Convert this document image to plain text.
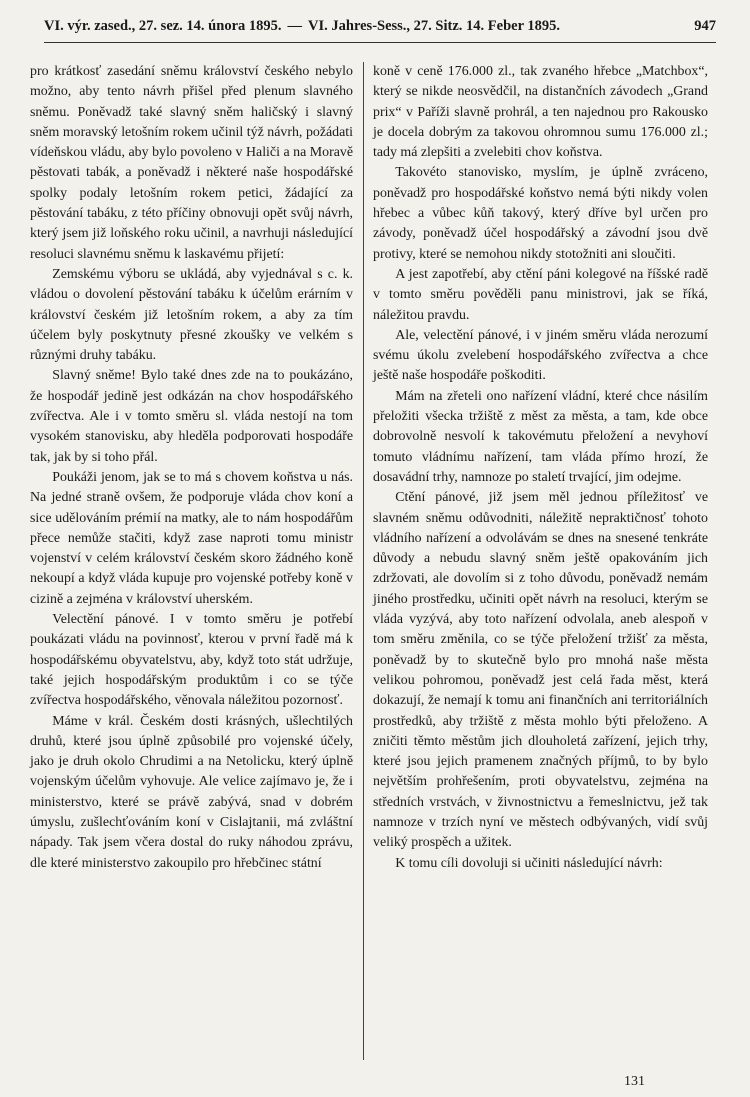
VI. výr. zased., 27. sez. 14. února 1895. — VI. Jahres-Sess., 27. Sitz. 14. Feber 1895.	947

pro krátkosť zasedání sněmu království českého nebylo možno, aby tento návrh přišel před plenum slavného sněmu. Poněvadž také slavný sněm haličský i slavný sněm moravský letošním rokem učinil týž návrh, požádati vídeňskou vládu, aby bylo povoleno v Haliči a na Moravě pěstovati tabák, a poněvadž i některé naše hospodářské spolky podaly letošním rokem petici, žádající za pěstování tabáku, z této příčiny obnovuji opět svůj návrh, který jsem již loňského roku učinil, a navrhuji následující resoluci slavnému sněmu k laskavému přijetí:

Zemskému výboru se ukládá, aby vyjednával s c. k. vládou o dovolení pěstování tabáku k účelům erárním v království českém již letošním rokem, a aby za tím účelem byly poskytnuty přesné zkoušky ve velkém s různými druhy tabáku.

Slavný sněme! Bylo také dnes zde na to poukázáno, že hospodář jedině jest odkázán na chov hospodářského zvířectva. Ale i v tomto směru sl. vláda nestojí na tom vysokém stanovisku, aby hleděla podporovati hospodáře tak, jak by si toho přál.

Poukáži jenom, jak se to má s chovem koňstva u nás. Na jedné straně ovšem, že podporuje vláda chov koní a sice udělováním prémií na matky, ale to nám hospodářům přece nemůže stačiti, když zase naproti tomu ministr vojenství v celém království českém skoro žádného koně nekoupí a když vláda kupuje pro vojenské potřeby koně v cizině a zejména v království uherském.

Velectění pánové. I v tomto směru je potřebí poukázati vládu na povinnosť, kterou v první řadě má k hospodářskému obyvatelstvu, aby, když toto stát udržuje, také jejich hospodářským produktům i co se týče zvířectva hospodářského, věnovala náležitou pozornosť.

Máme v král. Českém dosti krásných, ušlechtilých druhů, které jsou úplně způsobilé pro vojenské účely, jako je druh okolo Chrudimi a na Netolicku, který úplně vojenským účelům vyhovuje. Ale velice zajímavo je, že i ministerstvo, které se právě zabývá, snad v dobrém úmyslu, zušlechťováním koní v Cislajtanii, má zvláštní nápady. Tak jsem včera dostal do ruky náhodou zprávu, dle které ministerstvo zakoupilo pro hřebčinec státní

koně v ceně 176.000 zl., tak zvaného hřebce „Matchbox“, který se nikde neosvědčil, na distančních závodech „Grand prix“ v Paříži slavně prohrál, a ten najednou pro Rakousko je docela dobrým za takovou ohromnou sumu 176.000 zl.; tady má zlepšiti a zvelebiti chov koňstva.

Takovéto stanovisko, myslím, je úplně zvráceno, poněvadž pro hospodářské koňstvo nemá býti nikdy volen hřebec a vůbec kůň takový, který dříve byl určen pro závody, poněvadž účel hospodářský a závodní jsou dvě protivy, které se nemohou nikdy stotožniti ani sloučiti.

A jest zapotřebí, aby ctění páni kolegové na říšské radě v tomto směru pověděli panu ministrovi, jak se říká, náležitou pravdu.

Ale, velectění pánové, i v jiném směru vláda nerozumí svému úkolu zvelebení hospodářského zvířectva a chce ještě naše hospodáře poškoditi.

Mám na zřeteli ono nařízení vládní, které chce násilím přeložiti všecka tržiště z měst za města, a tam, kde obce dobrovolně nesvolí k takovémutu přeložení a nevyhoví tomuto vládnímu nařízení, tam vláda přímo hrozí, že dosavádní trhy, namnoze po staletí trvající, jim odejme.

Ctění pánové, již jsem měl jednou příležitosť ve slavném sněmu odůvodniti, náležitě nepraktičnosť tohoto vládního nařízení a odvolávám se dnes na snesené tenkráte důvody a nebudu slavný sněm ještě opakováním jich zdržovati, ale dovolím si z toho důvodu, poněvadž nemám jiného prostředku, učiniti opět návrh na resoluci, kterým se vláda vyzývá, aby toto nařízení odvolala, aneb alespoň v tom směru změnila, co se týče přeložení tržišť za města, poněvadž by to skutečně bylo pro mnohá naše města velikou pohromou, poněvadž jest celá řada měst, která dokazují, že nemají k tomu ani finančních ani territoriálních prostředků, aby tržiště z města mohlo býti přeloženo. A zničiti těmto městům jich dlouholetá zařízení, jejich trhy, které jsou jejich pramenem značných příjmů, to by bylo největším prohřešením, proti obyvatelstvu, zejména na středních vrstvách, v živnostnictvu a řemeslnictvu, jež tak namnoze v trzích nyní ve městech odbývaných, vidí svůj veliký prospěch a užitek.

K tomu cíli dovoluji si učiniti následující návrh:

131
